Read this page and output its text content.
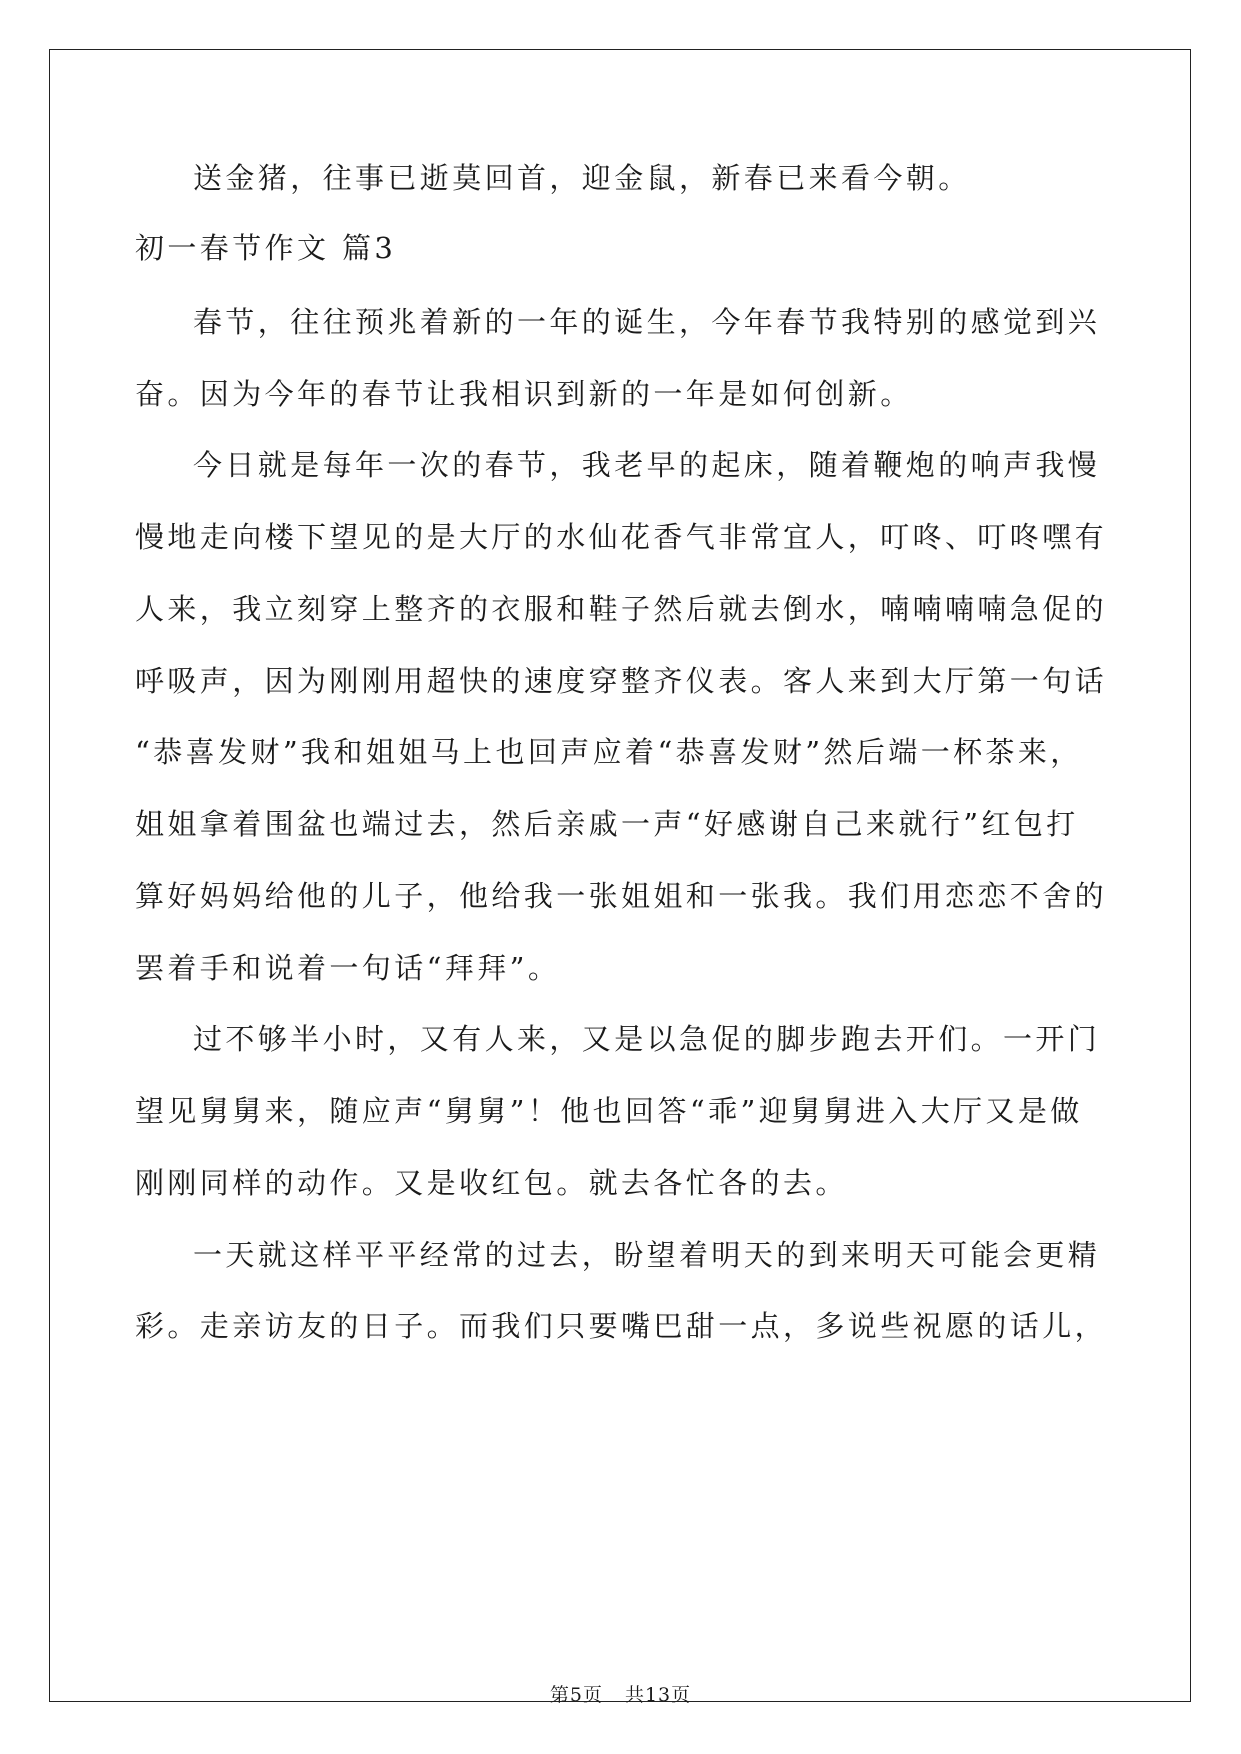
送金猪，往事已逝莫回首，迎金鼠，新春已来看今朝。
初一春节作文 篇3
春节，往往预兆着新的一年的诞生，今年春节我特别的感觉到兴
奋。因为今年的春节让我相识到新的一年是如何创新。
今日就是每年一次的春节，我老早的起床，随着鞭炮的响声我慢
慢地走向楼下望见的是大厅的水仙花香气非常宜人，叮咚、叮咚嘿有
人来，我立刻穿上整齐的衣服和鞋子然后就去倒水，喃喃喃喃急促的
呼吸声，因为刚刚用超快的速度穿整齐仪表。客人来到大厅第一句话
“恭喜发财”我和姐姐马上也回声应着“恭喜发财”然后端一杯茶来，
姐姐拿着围盆也端过去，然后亲戚一声“好感谢自己来就行”红包打
算好妈妈给他的儿子，他给我一张姐姐和一张我。我们用恋恋不舍的
罢着手和说着一句话“拜拜”。
过不够半小时，又有人来，又是以急促的脚步跑去开们。一开门
望见舅舅来，随应声“舅舅”！他也回答“乖”迎舅舅进入大厅又是做
刚刚同样的动作。又是收红包。就去各忙各的去。
一天就这样平平经常的过去，盼望着明天的到来明天可能会更精
彩。走亲访友的日子。而我们只要嘴巴甜一点，多说些祝愿的话儿，
第5页 共13页
